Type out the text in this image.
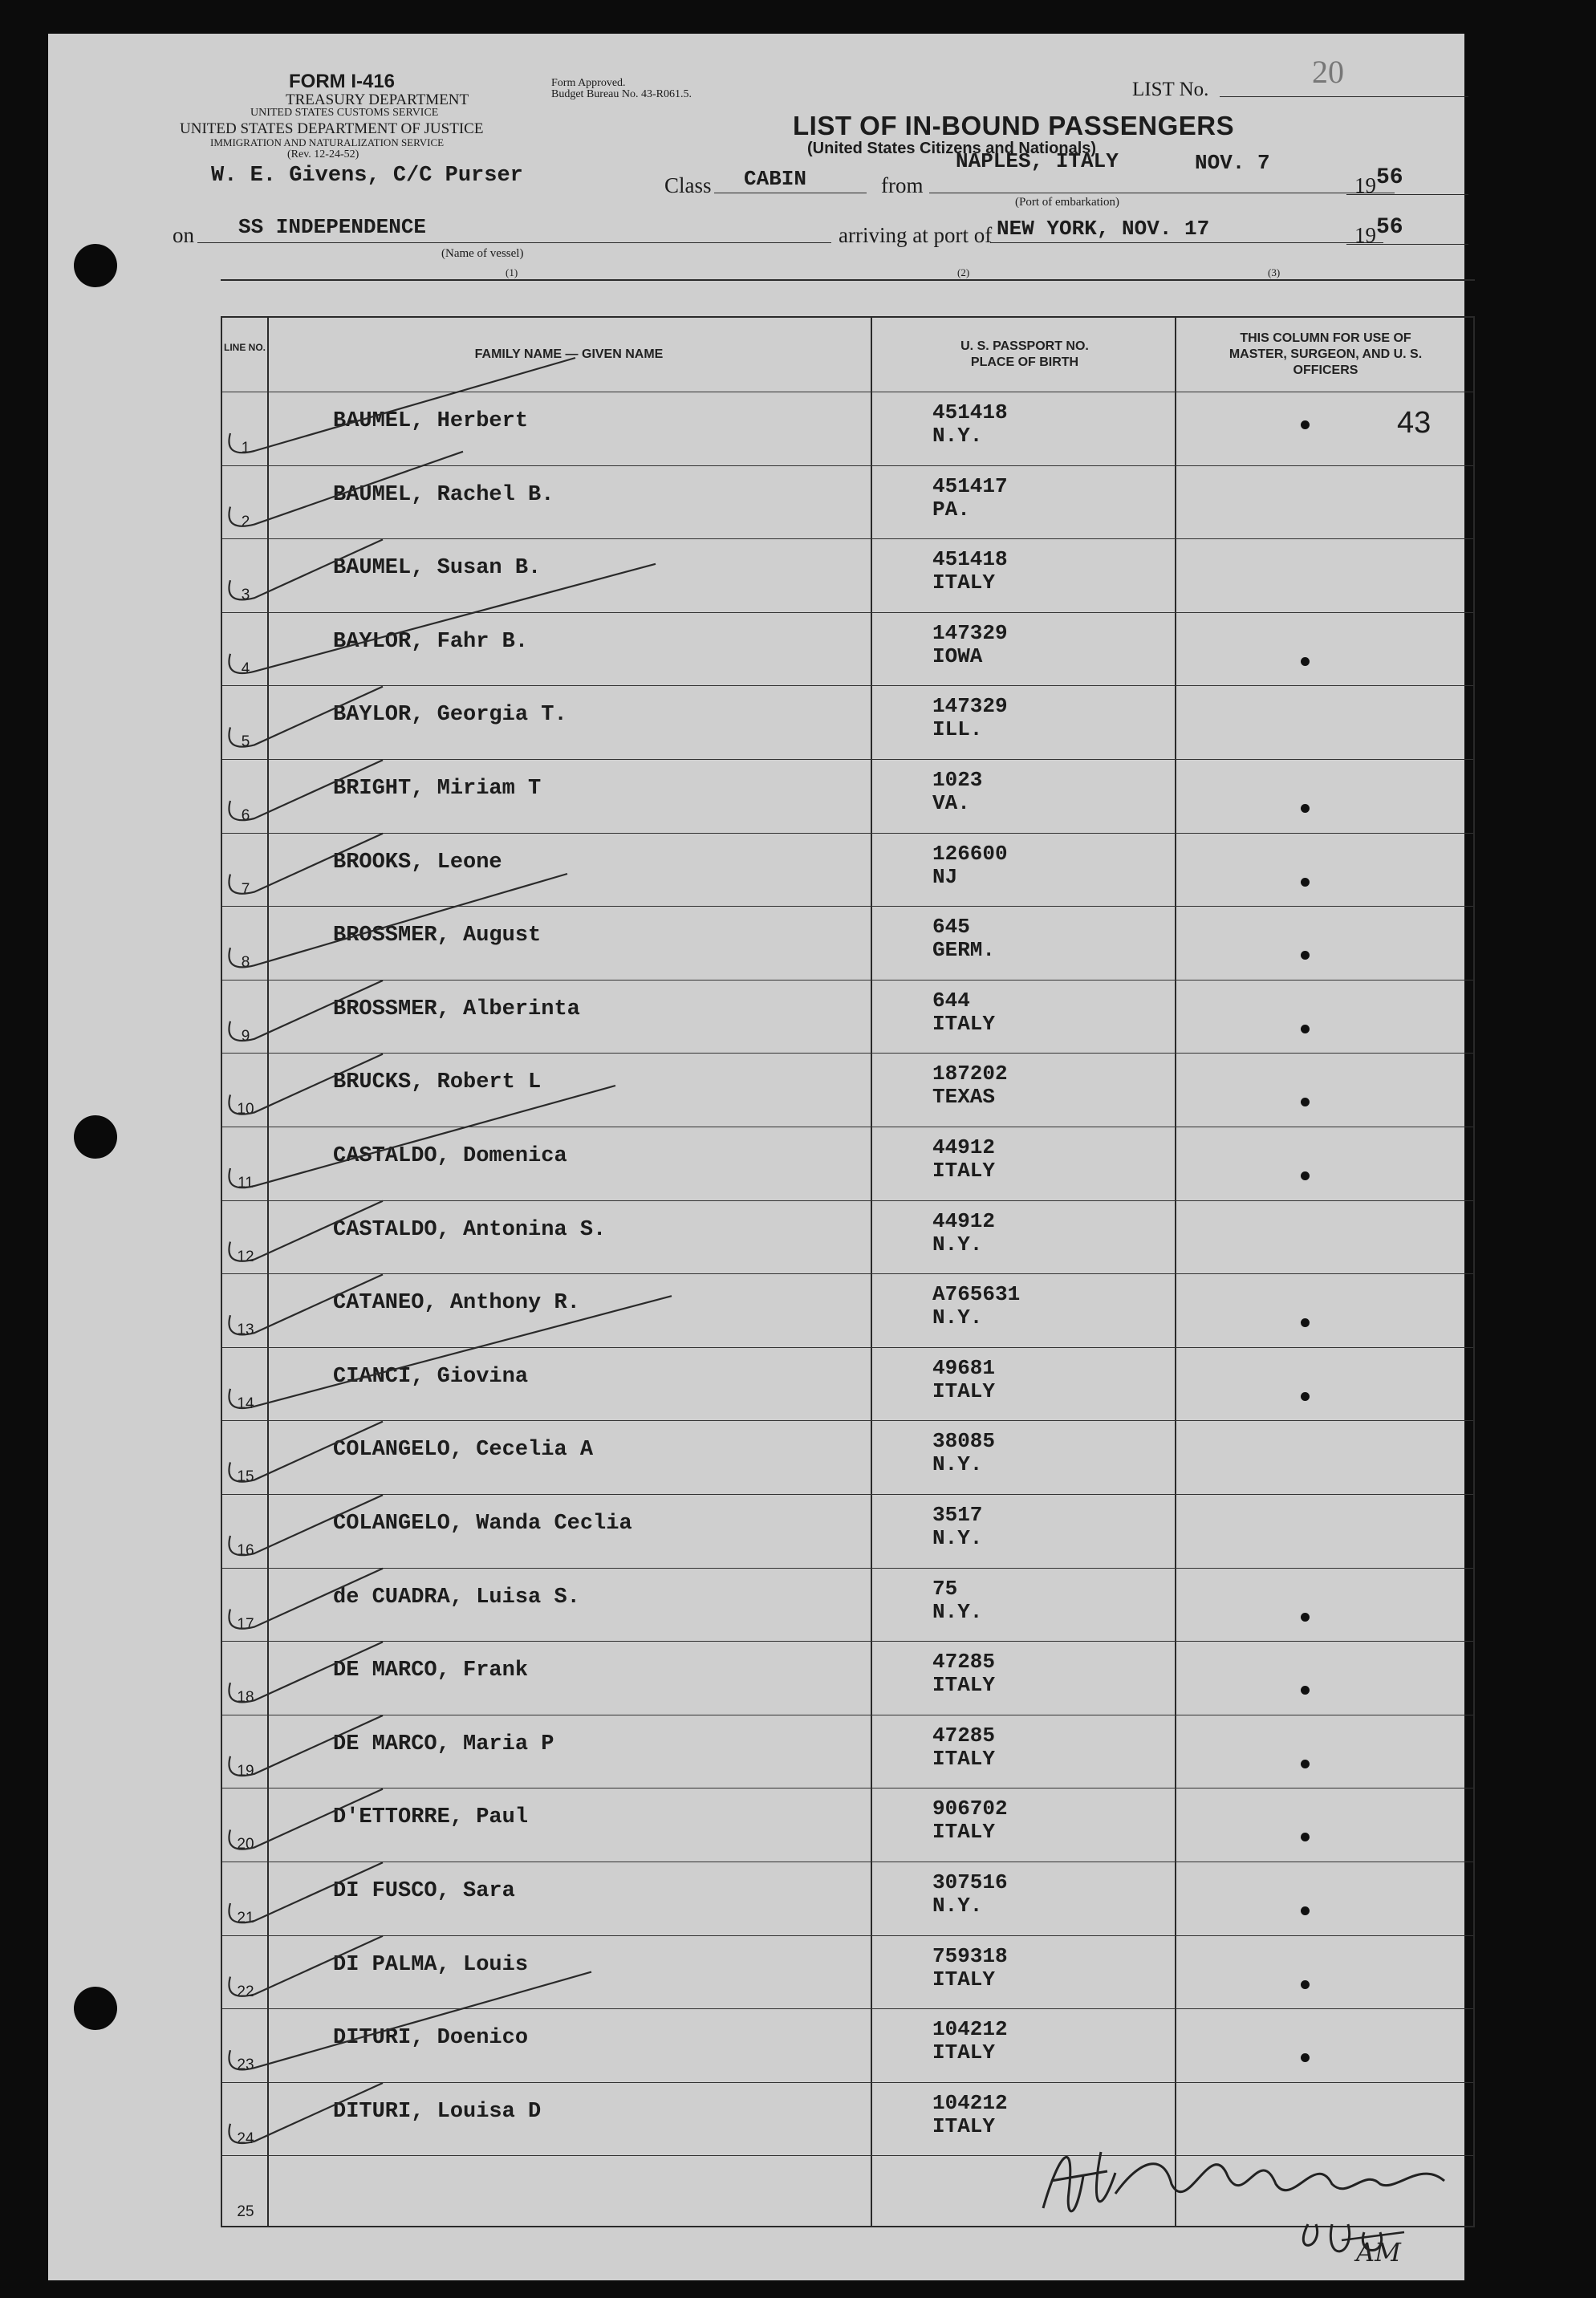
FORM I-416
TREASURY DEPARTMENT
UNITED STATES CUSTOMS SERVICE
UNITED STATES DEPARTMENT OF JUSTICE
IMMIGRATION AND NATURALIZATION SERVICE
(Rev. 12-24-52)
W. E. Givens, C/C Purser
Form Approved.
Budget Bureau No. 43-R061.5.
LIST OF IN-BOUND PASSENGERS
(United States Citizens and Nationals)
LIST No.	20
Class CABIN	from
NAPLES, ITALY	NOV. 7
(Port of embarkation)
19 56
on SS INDEPENDENCE
(Name of vessel)
(1)
arriving at port of NEW YORK, NOV. 17	19 56
(2)	(3)
LINE NO.	FAMILY NAME — GIVEN NAME
U. S. PASSPORT NO. PLACE OF BIRTH
THIS COLUMN FOR USE OF MASTER, SURGEON, AND U. S. OFFICERS
1
BAUMEL, Herbert	451418
N.Y.	43
2
BAUMEL, Rachel B.	451417
PA.
3
BAUMEL, Susan B.	451418
ITALY
4
BAYLOR, Fahr B.	147329
IOWA
5
BAYLOR, Georgia T.	147329
ILL.
6
BRIGHT, Miriam T	1023
VA.
7
BROOKS, Leone	126600
NJ
8
BROSSMER, August	645
GERM.
9
BROSSMER, Alberinta	644
ITALY
10
BRUCKS, Robert L	187202
TEXAS
11
CASTALDO, Domenica	44912
ITALY
12
CASTALDO, Antonina S.	44912
N.Y.
13
CATANEO, Anthony R.	A765631
N.Y.
14
CIANCI, Giovina	49681
ITALY
15
COLANGELO, Cecelia A	38085
N.Y.
16
COLANGELO, Wanda Ceclia	3517
N.Y.
17
de CUADRA, Luisa S.	75
N.Y.
18
DE MARCO, Frank	47285
ITALY
19
DE MARCO, Maria P	47285
ITALY
20
D'ETTORRE, Paul	906702
ITALY
21
DI FUSCO, Sara	307516
N.Y.
22
DI PALMA, Louis	759318
ITALY
23
DITURI, Doenico	104212
ITALY
24
DITURI, Louisa D	104212
ITALY
25
AM
